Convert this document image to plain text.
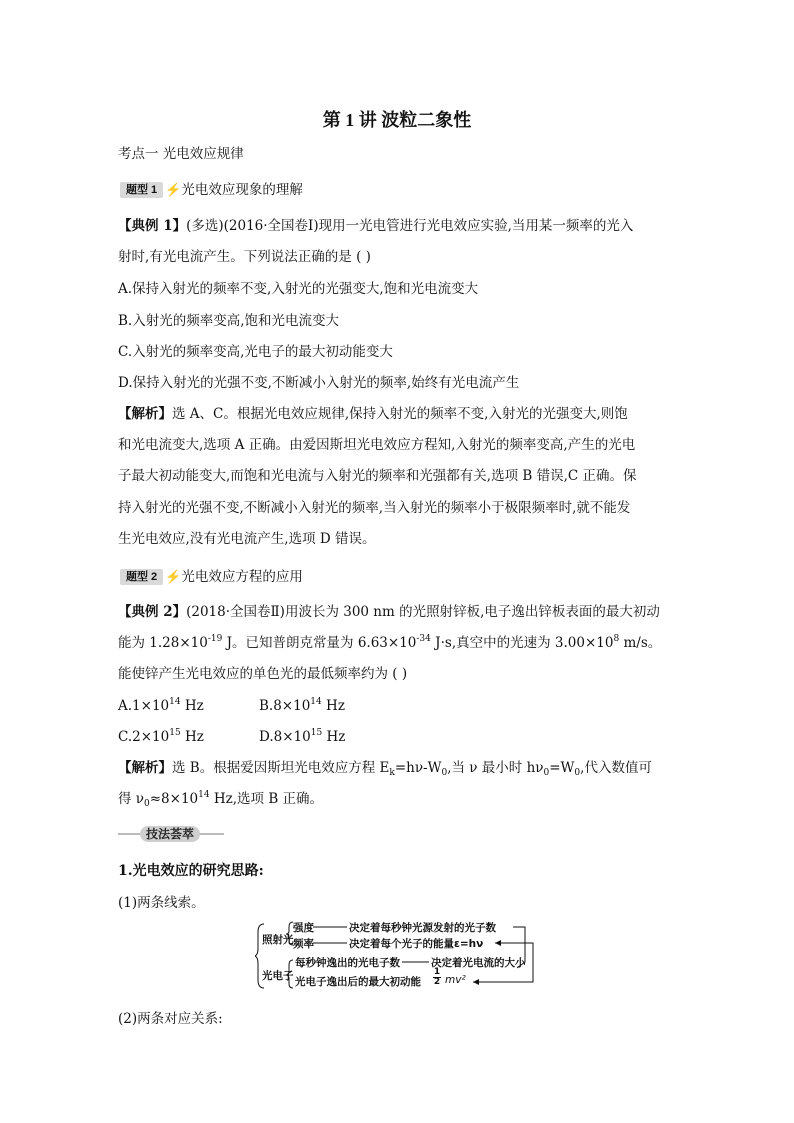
第 1 讲 波粒二象性
考点一 光电效应规律
题型 1 ⚡光电效应现象的理解
【典例 1】(多选)(2016·全国卷Ⅰ)现用一光电管进行光电效应实验,当用某一频率的光入
射时,有光电流产生。下列说法正确的是 ( )
A.保持入射光的频率不变,入射光的光强变大,饱和光电流变大
B.入射光的频率变高,饱和光电流变大
C.入射光的频率变高,光电子的最大初动能变大
D.保持入射光的光强不变,不断减小入射光的频率,始终有光电流产生
【解析】选 A、C。根据光电效应规律,保持入射光的频率不变,入射光的光强变大,则饱
和光电流变大,选项 A 正确。由爱因斯坦光电效应方程知,入射光的频率变高,产生的光电
子最大初动能变大,而饱和光电流与入射光的频率和光强都有关,选项 B 错误,C 正确。保
持入射光的光强不变,不断减小入射光的频率,当入射光的频率小于极限频率时,就不能发
生光电效应,没有光电流产生,选项 D 错误。
题型 2 ⚡光电效应方程的应用
【典例 2】(2018·全国卷Ⅱ)用波长为 300 nm 的光照射锌板,电子逸出锌板表面的最大初动
能为 $1.28\times 10^{-19}$ J。已知普朗克常量为 $6.63\times 10^{-34}$ J·s,真空中的光速为 $3.00\times 10^8$ m/s。
能使锌产生光电效应的单色光的最低频率约为 ( )
$A.1\times 10^{14}$ Hz	$B.8\times 10^{14}$ Hz
$C.2\times 10^{15}$ Hz	$D.8\times 10^{15}$ Hz
【解析】选 B。根据爱因斯坦光电效应方程 $E_k=h\nu-W_0$,当 ν 最小时 $h\nu_0=W_0$,代入数值可
得 $\nu_0\approx 8\times 10^{14}$ Hz,选项 B 正确。
技法荟萃
1.光电效应的研究思路:
(1)两条线索。
照射光
光电子
强度	决定着每秒钟光源发射的光子数
频率	决定着每个光子的能量ε=hν
每秒钟逸出的光电子数	决定着光电流的大小
光电子逸出后的最大初动能 $\frac{1}{2} mv^2$
(2)两条对应关系:
